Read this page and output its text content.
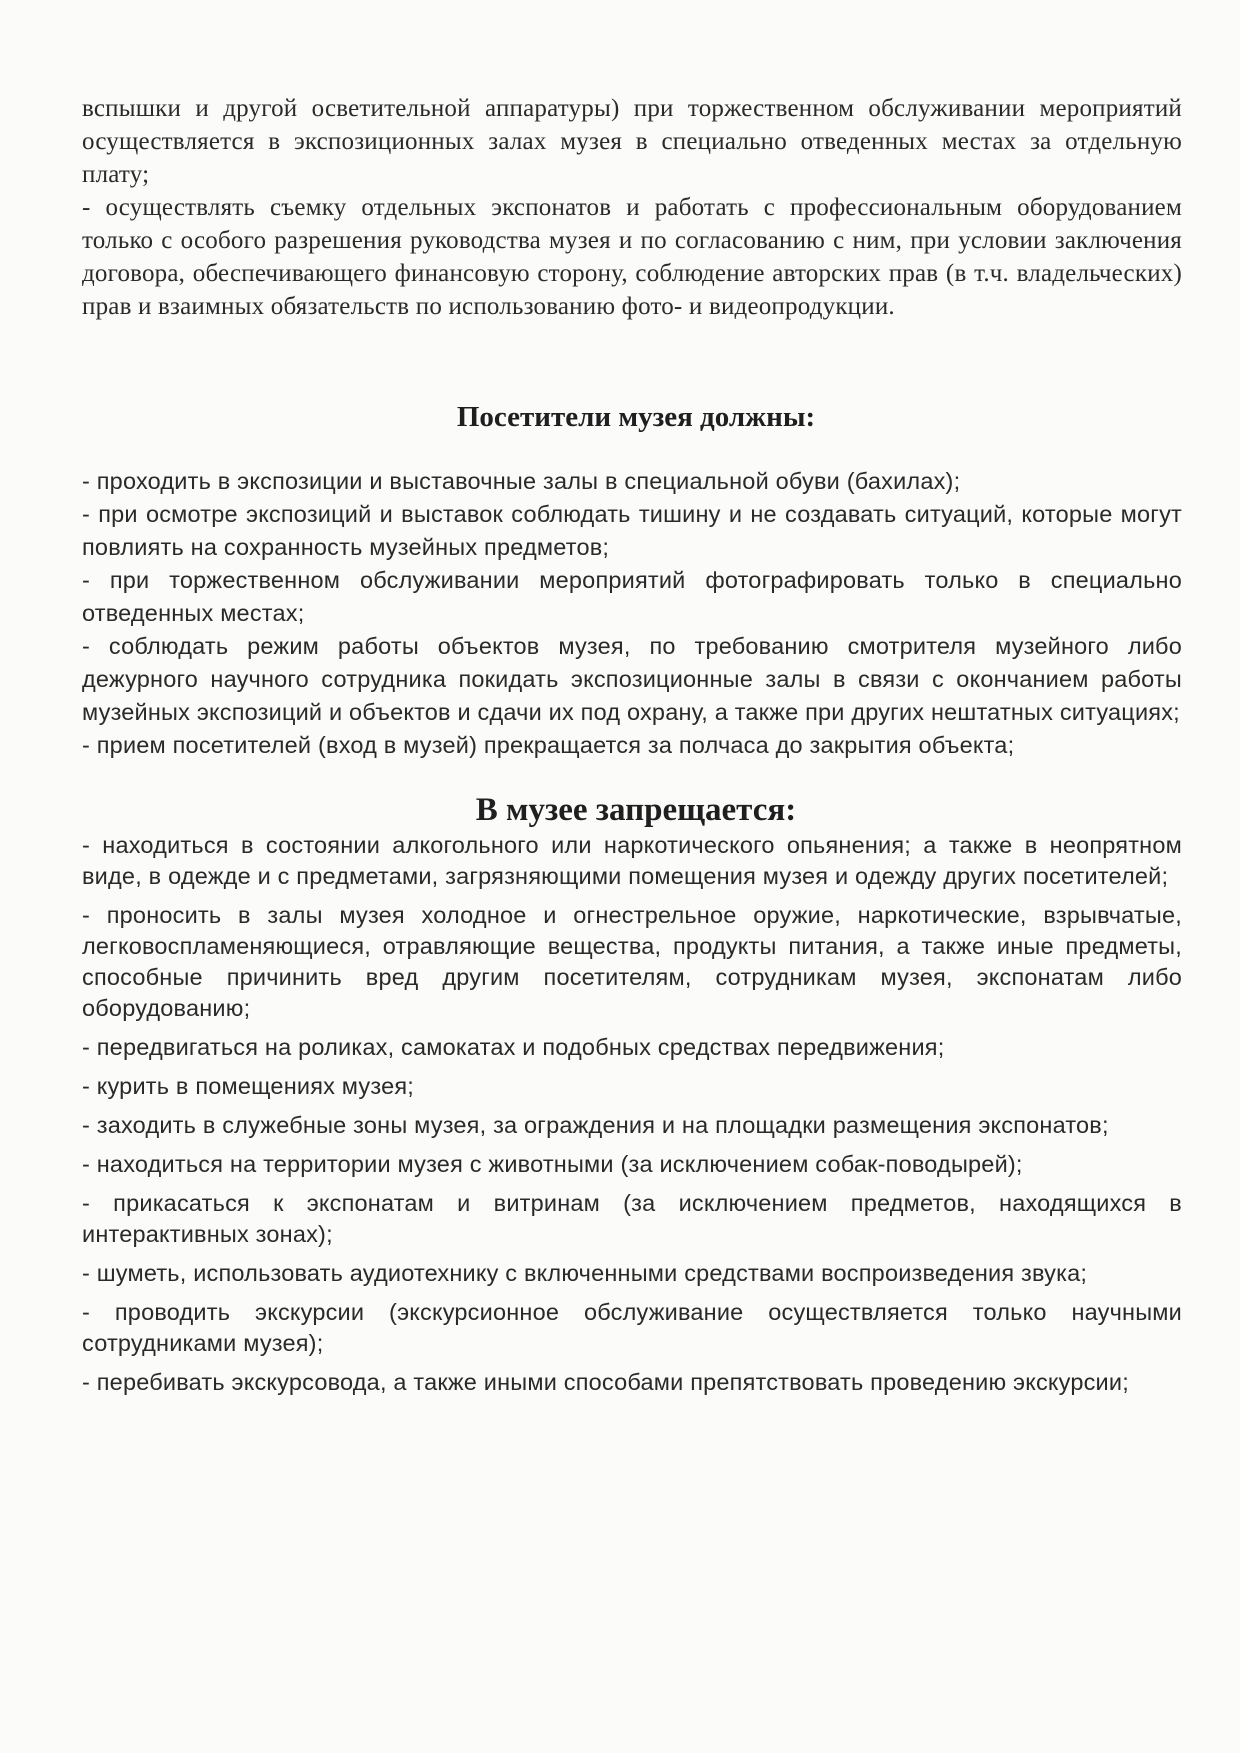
вспышки и другой осветительной аппаратуры) при торжественном обслуживании мероприятий осуществляется в экспозиционных залах музея в специально отведенных местах за отдельную плату;

- осуществлять съемку отдельных экспонатов и работать с профессиональным оборудованием только с особого разрешения руководства музея и по согласованию с ним, при условии заключения договора, обеспечивающего финансовую сторону, соблюдение авторских прав (в т.ч. владельческих) прав и взаимных обязательств по использованию фото- и видеопродукции.

Посетители музея должны:

- проходить в экспозиции и выставочные залы в специальной обуви (бахилах);

- при осмотре экспозиций и выставок соблюдать тишину и не создавать ситуаций, которые могут повлиять на сохранность музейных предметов;

- при торжественном обслуживании мероприятий фотографировать только в специально отведенных местах;

- соблюдать режим работы объектов музея, по требованию смотрителя музейного либо дежурного научного сотрудника покидать экспозиционные залы в связи с окончанием работы музейных экспозиций и объектов и сдачи их под охрану, а также при других нештатных ситуациях;

- прием посетителей (вход в музей) прекращается за полчаса до закрытия объекта;

В музее запрещается:

- находиться в состоянии алкогольного или наркотического опьянения; а также в неопрятном виде, в одежде и с предметами, загрязняющими помещения музея и одежду других посетителей;

- проносить в залы музея холодное и огнестрельное оружие, наркотические, взрывчатые, легковоспламеняющиеся, отравляющие вещества, продукты питания, а также иные предметы, способные причинить вред другим посетителям, сотрудникам музея, экспонатам либо оборудованию;

- передвигаться на роликах, самокатах и подобных средствах передвижения;

- курить в помещениях музея;

- заходить в служебные зоны музея, за ограждения и на площадки размещения экспонатов;

- находиться на территории музея с животными (за исключением собак-поводырей);

- прикасаться к экспонатам и витринам (за исключением предметов, находящихся в интерактивных зонах);

- шуметь, использовать аудиотехнику с включенными средствами воспроизведения звука;

- проводить экскурсии (экскурсионное обслуживание осуществляется только научными сотрудниками музея);

- перебивать экскурсовода, а также иными способами препятствовать проведению экскурсии;
